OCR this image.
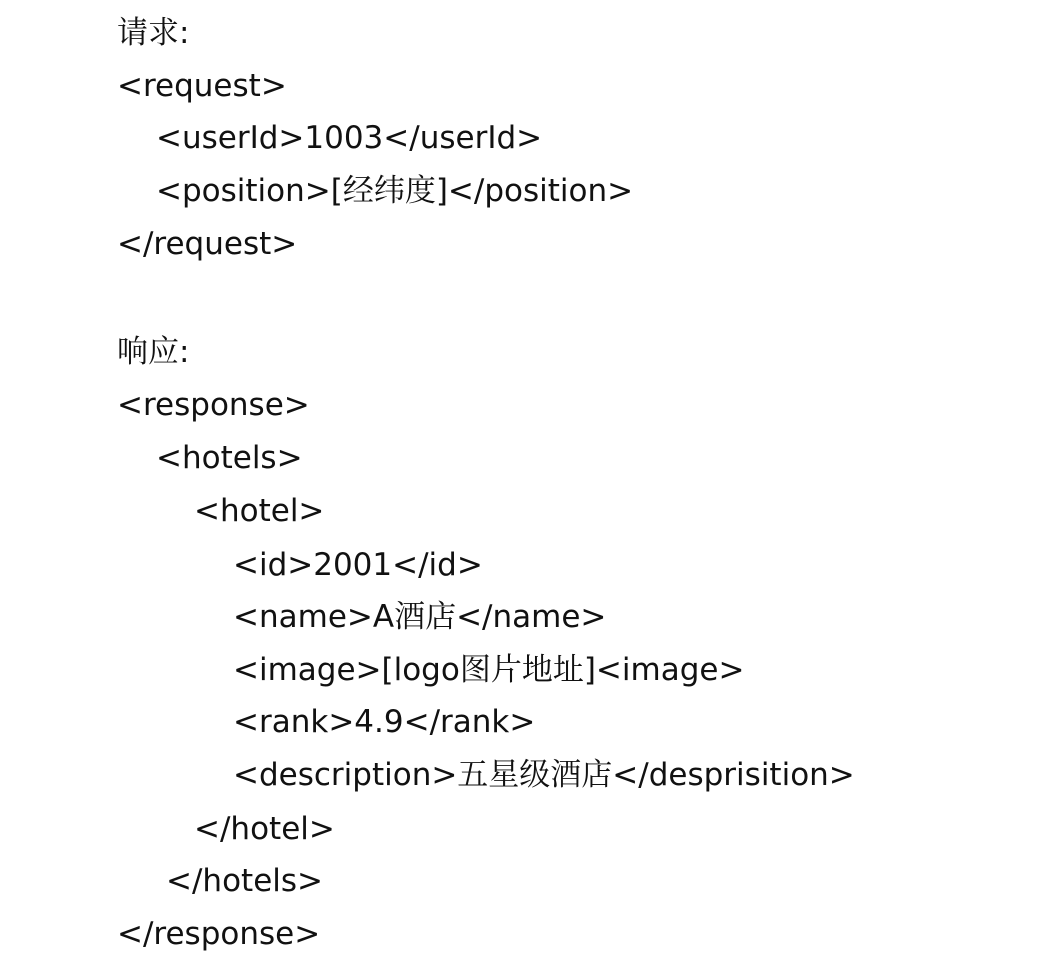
请求:
<request>
<userId>1003</userId>
<position>[经纬度]</position>
</request>
响应:
<response>
<hotels>
<hotel>
<id>2001</id>
<name>A酒店</name>
<image>[logo图片地址]<image>
<rank>4.9</rank>
<description>五星级酒店</desprisition>
</hotel>
</hotels>
</response>
